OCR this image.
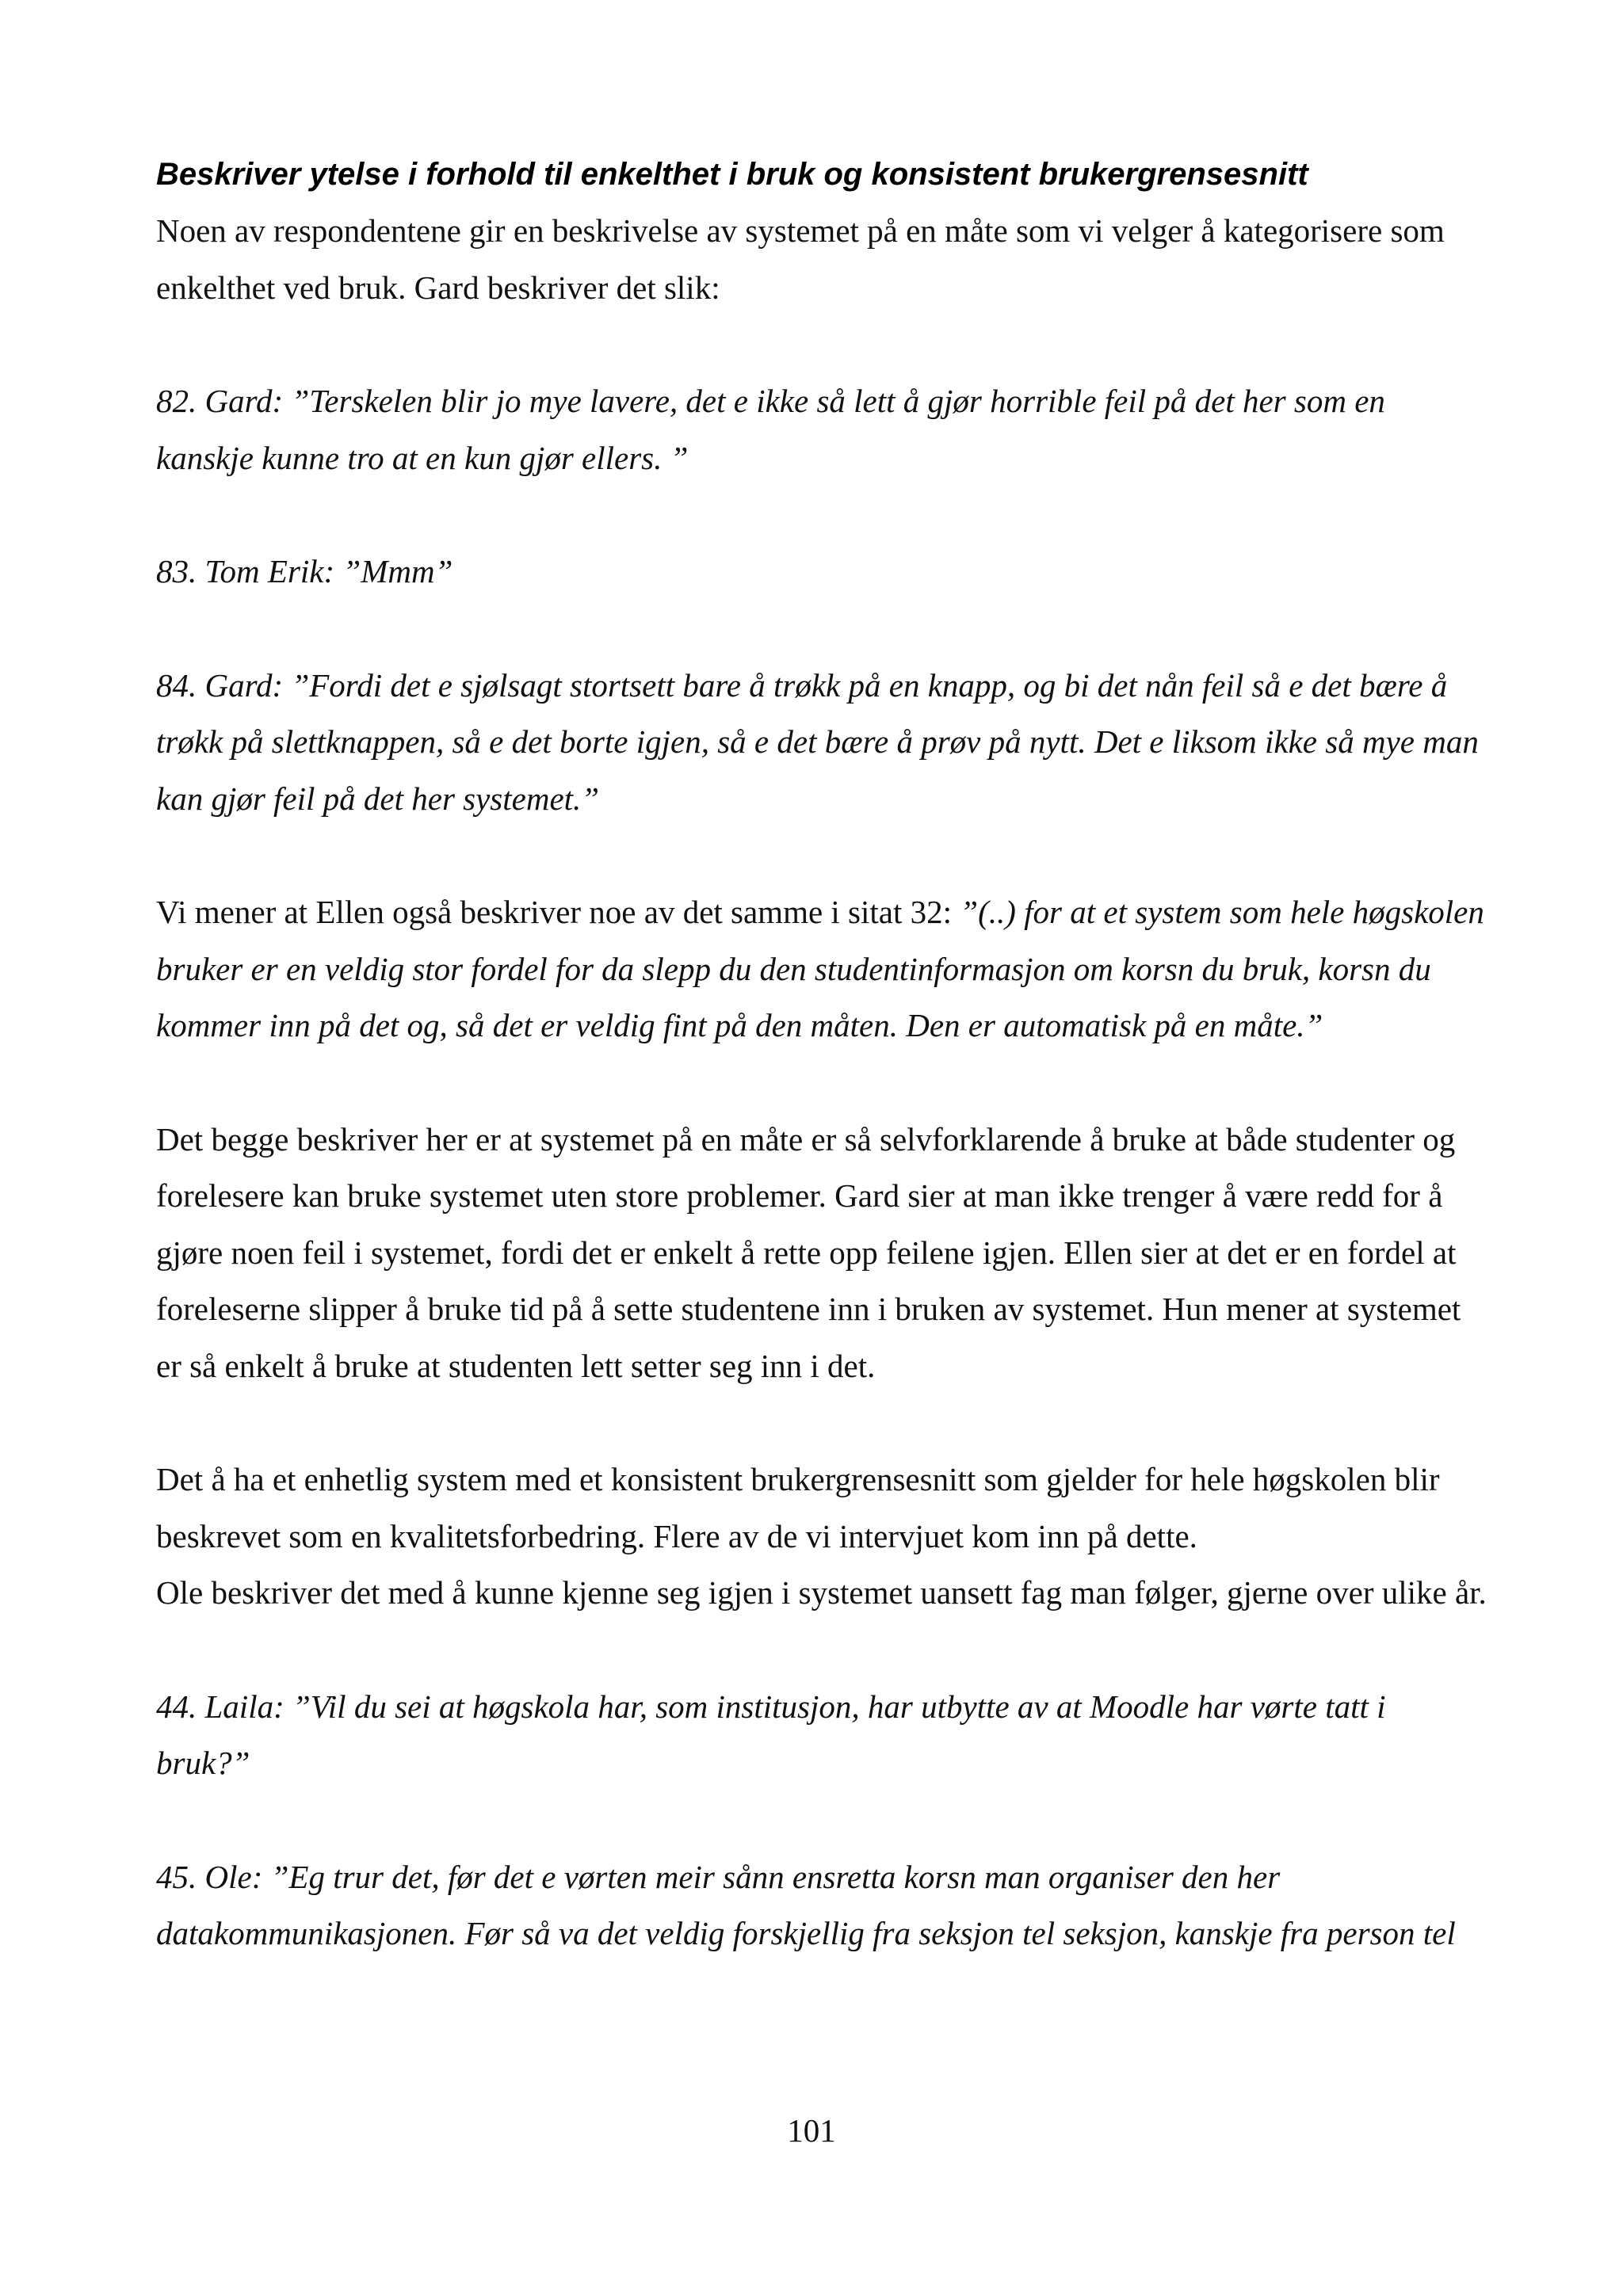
Beskriver ytelse i forhold til enkelthet i bruk og konsistent brukergrensesnitt

Noen av respondentene gir en beskrivelse av systemet på en måte som vi velger å kategorisere som enkelthet ved bruk. Gard beskriver det slik:

82. Gard: ”Terskelen blir jo mye lavere, det e ikke så lett å gjør horrible feil på det her som en kanskje kunne tro at en kun gjør ellers. ”

83. Tom Erik: ”Mmm”

84. Gard: ”Fordi det e sjølsagt stortsett bare å trøkk på en knapp, og bi det nån feil så e det bære å trøkk på slettknappen, så e det borte igjen, så e det bære å prøv på nytt. Det e liksom ikke så mye man kan gjør feil på det her systemet.”

Vi mener at Ellen også beskriver noe av det samme i sitat 32: ”(..) for at et system som hele høgskolen bruker er en veldig stor fordel for da slepp du den studentinformasjon om korsn du bruk, korsn du kommer inn på det og, så det er veldig fint på den måten. Den er automatisk på en måte.”

Det begge beskriver her er at systemet på en måte er så selvforklarende å bruke at både studenter og forelesere kan bruke systemet uten store problemer. Gard sier at man ikke trenger å være redd for å gjøre noen feil i systemet, fordi det er enkelt å rette opp feilene igjen. Ellen sier at det er en fordel at foreleserne slipper å bruke tid på å sette studentene inn i bruken av systemet. Hun mener at systemet er så enkelt å bruke at studenten lett setter seg inn i det.

Det å ha et enhetlig system med et konsistent brukergrensesnitt som gjelder for hele høgskolen blir beskrevet som en kvalitetsforbedring. Flere av de vi intervjuet kom inn på dette.

Ole beskriver det med å kunne kjenne seg igjen i systemet uansett fag man følger, gjerne over ulike år.

44. Laila: ”Vil du sei at høgskola har, som institusjon, har utbytte av at Moodle har vørte tatt i bruk?”

45. Ole: ”Eg trur det, før det e vørten meir sånn ensretta korsn man organiser den her datakommunikasjonen. Før så va det veldig forskjellig fra seksjon tel seksjon, kanskje fra person tel

101
